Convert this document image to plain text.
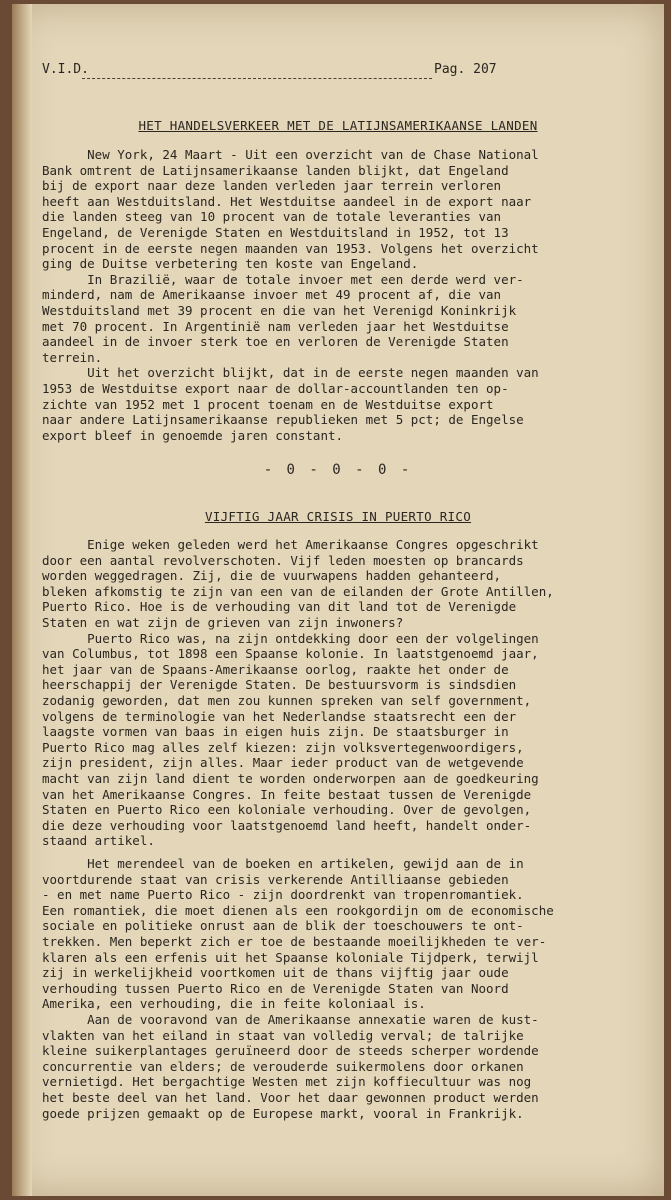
V.I.D.	Pag. 207
HET HANDELSVERKEER MET DE LATIJNSAMERIKAANSE LANDEN
New York, 24 Maart - Uit een overzicht van de Chase National
Bank omtrent de Latijnsamerikaanse landen blijkt, dat Engeland
bij de export naar deze landen verleden jaar terrein verloren
heeft aan Westduitsland. Het Westduitse aandeel in de export naar
die landen steeg van 10 procent van de totale leveranties van
Engeland, de Verenigde Staten en Westduitsland in 1952, tot 13
procent in de eerste negen maanden van 1953. Volgens het overzicht
ging de Duitse verbetering ten koste van Engeland.
In Brazilië, waar de totale invoer met een derde werd ver-
minderd, nam de Amerikaanse invoer met 49 procent af, die van
Westduitsland met 39 procent en die van het Verenigd Koninkrijk
met 70 procent. In Argentinië nam verleden jaar het Westduitse
aandeel in de invoer sterk toe en verloren de Verenigde Staten
terrein.
Uit het overzicht blijkt, dat in de eerste negen maanden van
1953 de Westduitse export naar de dollar-accountlanden ten op-
zichte van 1952 met 1 procent toenam en de Westduitse export
naar andere Latijnsamerikaanse republieken met 5 pct; de Engelse
export bleef in genoemde jaren constant.
- 0 - 0 - 0 -
VIJFTIG JAAR CRISIS IN PUERTO RICO
Enige weken geleden werd het Amerikaanse Congres opgeschrikt
door een aantal revolverschoten. Vijf leden moesten op brancards
worden weggedragen. Zij, die de vuurwapens hadden gehanteerd,
bleken afkomstig te zijn van een van de eilanden der Grote Antillen,
Puerto Rico. Hoe is de verhouding van dit land tot de Verenigde
Staten en wat zijn de grieven van zijn inwoners?
Puerto Rico was, na zijn ontdekking door een der volgelingen
van Columbus, tot 1898 een Spaanse kolonie. In laatstgenoemd jaar,
het jaar van de Spaans-Amerikaanse oorlog, raakte het onder de
heerschappij der Verenigde Staten. De bestuursvorm is sindsdien
zodanig geworden, dat men zou kunnen spreken van self government,
volgens de terminologie van het Nederlandse staatsrecht een der
laagste vormen van baas in eigen huis zijn. De staatsburger in
Puerto Rico mag alles zelf kiezen: zijn volksvertegenwoordigers,
zijn president, zijn alles. Maar ieder product van de wetgevende
macht van zijn land dient te worden onderworpen aan de goedkeuring
van het Amerikaanse Congres. In feite bestaat tussen de Verenigde
Staten en Puerto Rico een koloniale verhouding. Over de gevolgen,
die deze verhouding voor laatstgenoemd land heeft, handelt onder-
staand artikel.
Het merendeel van de boeken en artikelen, gewijd aan de in
voortdurende staat van crisis verkerende Antilliaanse gebieden
- en met name Puerto Rico - zijn doordrenkt van tropenromantiek.
Een romantiek, die moet dienen als een rookgordijn om de economische
sociale en politieke onrust aan de blik der toeschouwers te ont-
trekken. Men beperkt zich er toe de bestaande moeilijkheden te ver-
klaren als een erfenis uit het Spaanse koloniale Tijdperk, terwijl
zij in werkelijkheid voortkomen uit de thans vijftig jaar oude
verhouding tussen Puerto Rico en de Verenigde Staten van Noord
Amerika, een verhouding, die in feite koloniaal is.
Aan de vooravond van de Amerikaanse annexatie waren de kust-
vlakten van het eiland in staat van volledig verval; de talrijke
kleine suikerplantages geruïneerd door de steeds scherper wordende
concurrentie van elders; de verouderde suikermolens door orkanen
vernietigd. Het bergachtige Westen met zijn koffiecultuur was nog
het beste deel van het land. Voor het daar gewonnen product werden
goede prijzen gemaakt op de Europese markt, vooral in Frankrijk.
